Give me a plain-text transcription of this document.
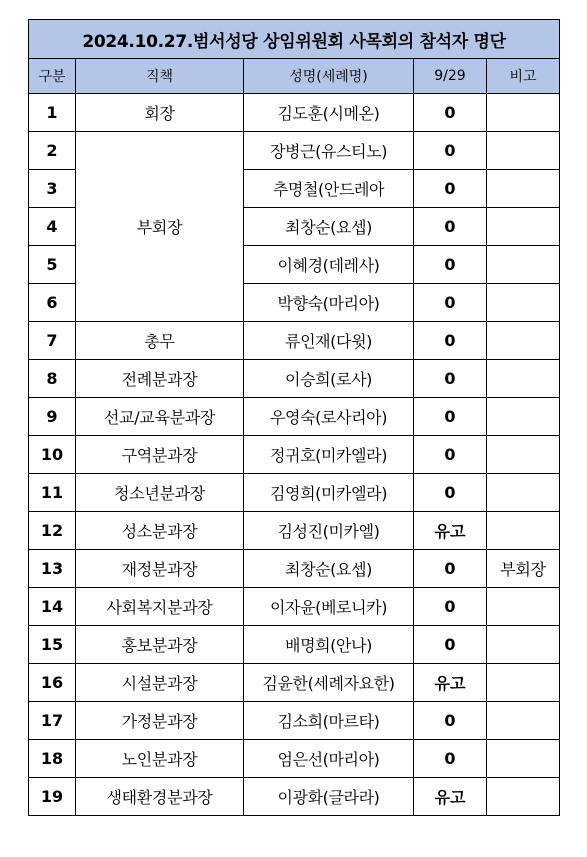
2024.10.27.범서성당 상임위원회 사목회의 참석자 명단				
구분	직책	성명(세례명)	9/29	비고
1	회장	김도훈(시메온)	0	
2	부회장	장병근(유스티노)	0	
3		추명철(안드레아	0	
4		최창순(요셉)	0	
5		이혜경(데레사)	0	
6		박향숙(마리아)	0	
7	총무	류인재(다윗)	0	
8	전례분과장	이승희(로사)	0	
9	선교/교육분과장	우영숙(로사리아)	0	
10	구역분과장	정귀호(미카엘라)	0	
11	청소년분과장	김영희(미카엘라)	0	
12	성소분과장	김성진(미카엘)	유고	
13	재정분과장	최창순(요셉)	0	부회장
14	사회복지분과장	이자윤(베로니카)	0	
15	홍보분과장	배명희(안나)	0	
16	시설분과장	김윤한(세례자요한)	유고	
17	가정분과장	김소희(마르타)	0	
18	노인분과장	엄은선(마리아)	0	
19	생태환경분과장	이광화(글라라)	유고	
